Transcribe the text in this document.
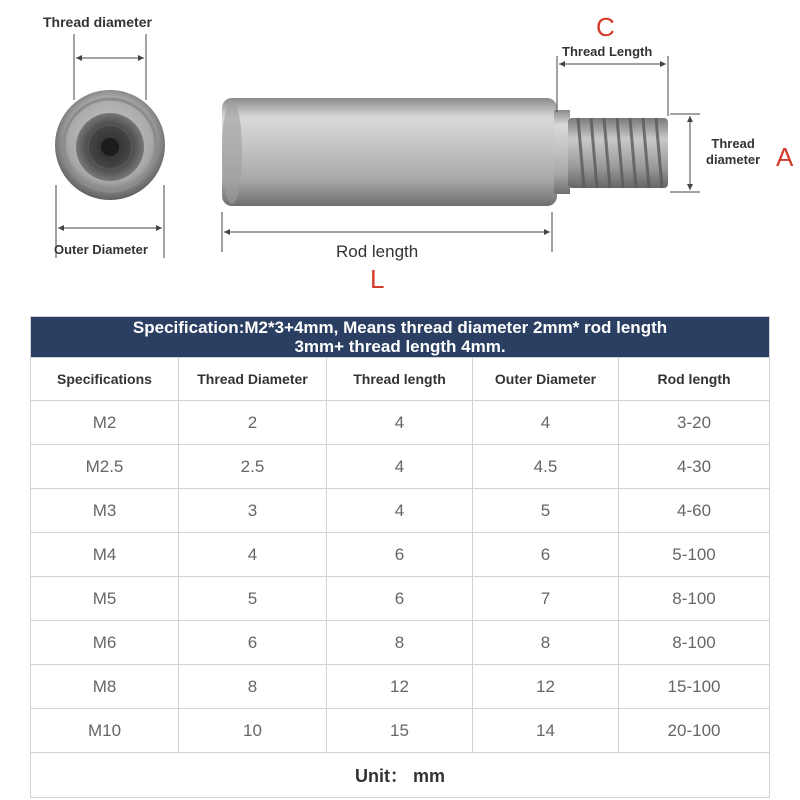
Thread diameter
Outer Diameter
C
Thread Length
Thread
diameter A
Rod length
L
Specification:M2*3+4mm, Means thread diameter 2mm* rod length
3mm+ thread length 4mm.				
Specifications	Thread Diameter	Thread length	Outer Diameter	Rod length
M2	2	4	4	3-20
M2.5	2.5	4	4.5	4-30
M3	3	4	5	4-60
M4	4	6	6	5-100
M5	5	6	7	8-100
M6	6	8	8	8-100
M8	8	12	12	15-100
M10	10	15	14	20-100
Unit： mm				
